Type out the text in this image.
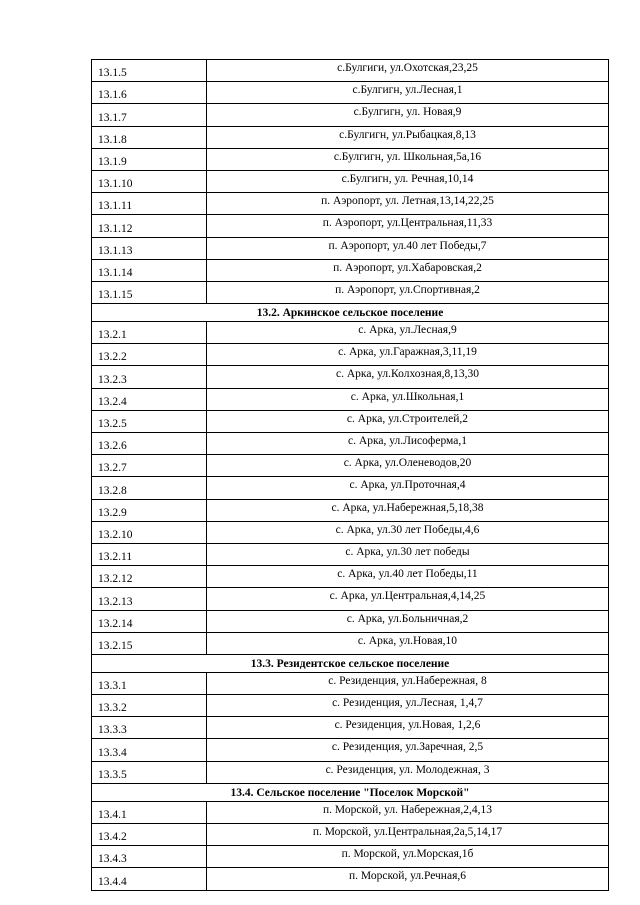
13.1.5	с.Булгиги, ул.Охотская,23,25
13.1.6	с.Булгигн, ул.Лесная,1
13.1.7	с.Булгигн, ул. Новая,9
13.1.8	с.Булгигн, ул.Рыбацкая,8,13
13.1.9	с.Булгигн, ул. Школьная,5а,16
13.1.10	с.Булгигн, ул. Речная,10,14
13.1.11	п. Аэропорт, ул. Летная,13,14,22,25
13.1.12	п. Аэропорт, ул.Центральная,11,33
13.1.13	п. Аэропорт, ул.40 лет Победы,7
13.1.14	п. Аэропорт, ул.Хабаровская,2
13.1.15	п. Аэропорт, ул.Спортивная,2
13.2. Аркинское сельское поселение	
13.2.1	с. Арка, ул.Лесная,9
13.2.2	с. Арка, ул.Гаражная,3,11,19
13.2.3	с. Арка, ул.Колхозная,8,13,30
13.2.4	с. Арка, ул.Школьная,1
13.2.5	с. Арка, ул.Строителей,2
13.2.6	с. Арка, ул.Лисоферма,1
13.2.7	с. Арка, ул.Оленеводов,20
13.2.8	с. Арка, ул.Проточная,4
13.2.9	с. Арка, ул.Набережная,5,18,38
13.2.10	с. Арка, ул.30 лет Победы,4,6
13.2.11	с. Арка, ул.30 лет победы
13.2.12	с. Арка, ул.40 лет Победы,11
13.2.13	с. Арка, ул.Центральная,4,14,25
13.2.14	с. Арка, ул.Больничная,2
13.2.15	с. Арка, ул.Новая,10
13.3. Резидентское сельское поселение	
13.3.1	с. Резиденция, ул.Набережная, 8
13.3.2	с. Резиденция, ул.Лесная, 1,4,7
13.3.3	с. Резиденция, ул.Новая, 1,2,6
13.3.4	с. Резиденция, ул.Заречная, 2,5
13.3.5	с. Резиденция, ул. Молодежная, 3
13.4. Сельское поселение "Поселок Морской"	
13.4.1	п. Морской, ул. Набережная,2,4,13
13.4.2	п. Морской, ул.Центральная,2а,5,14,17
13.4.3	п. Морской, ул.Морская,1б
13.4.4	п. Морской, ул.Речная,6
